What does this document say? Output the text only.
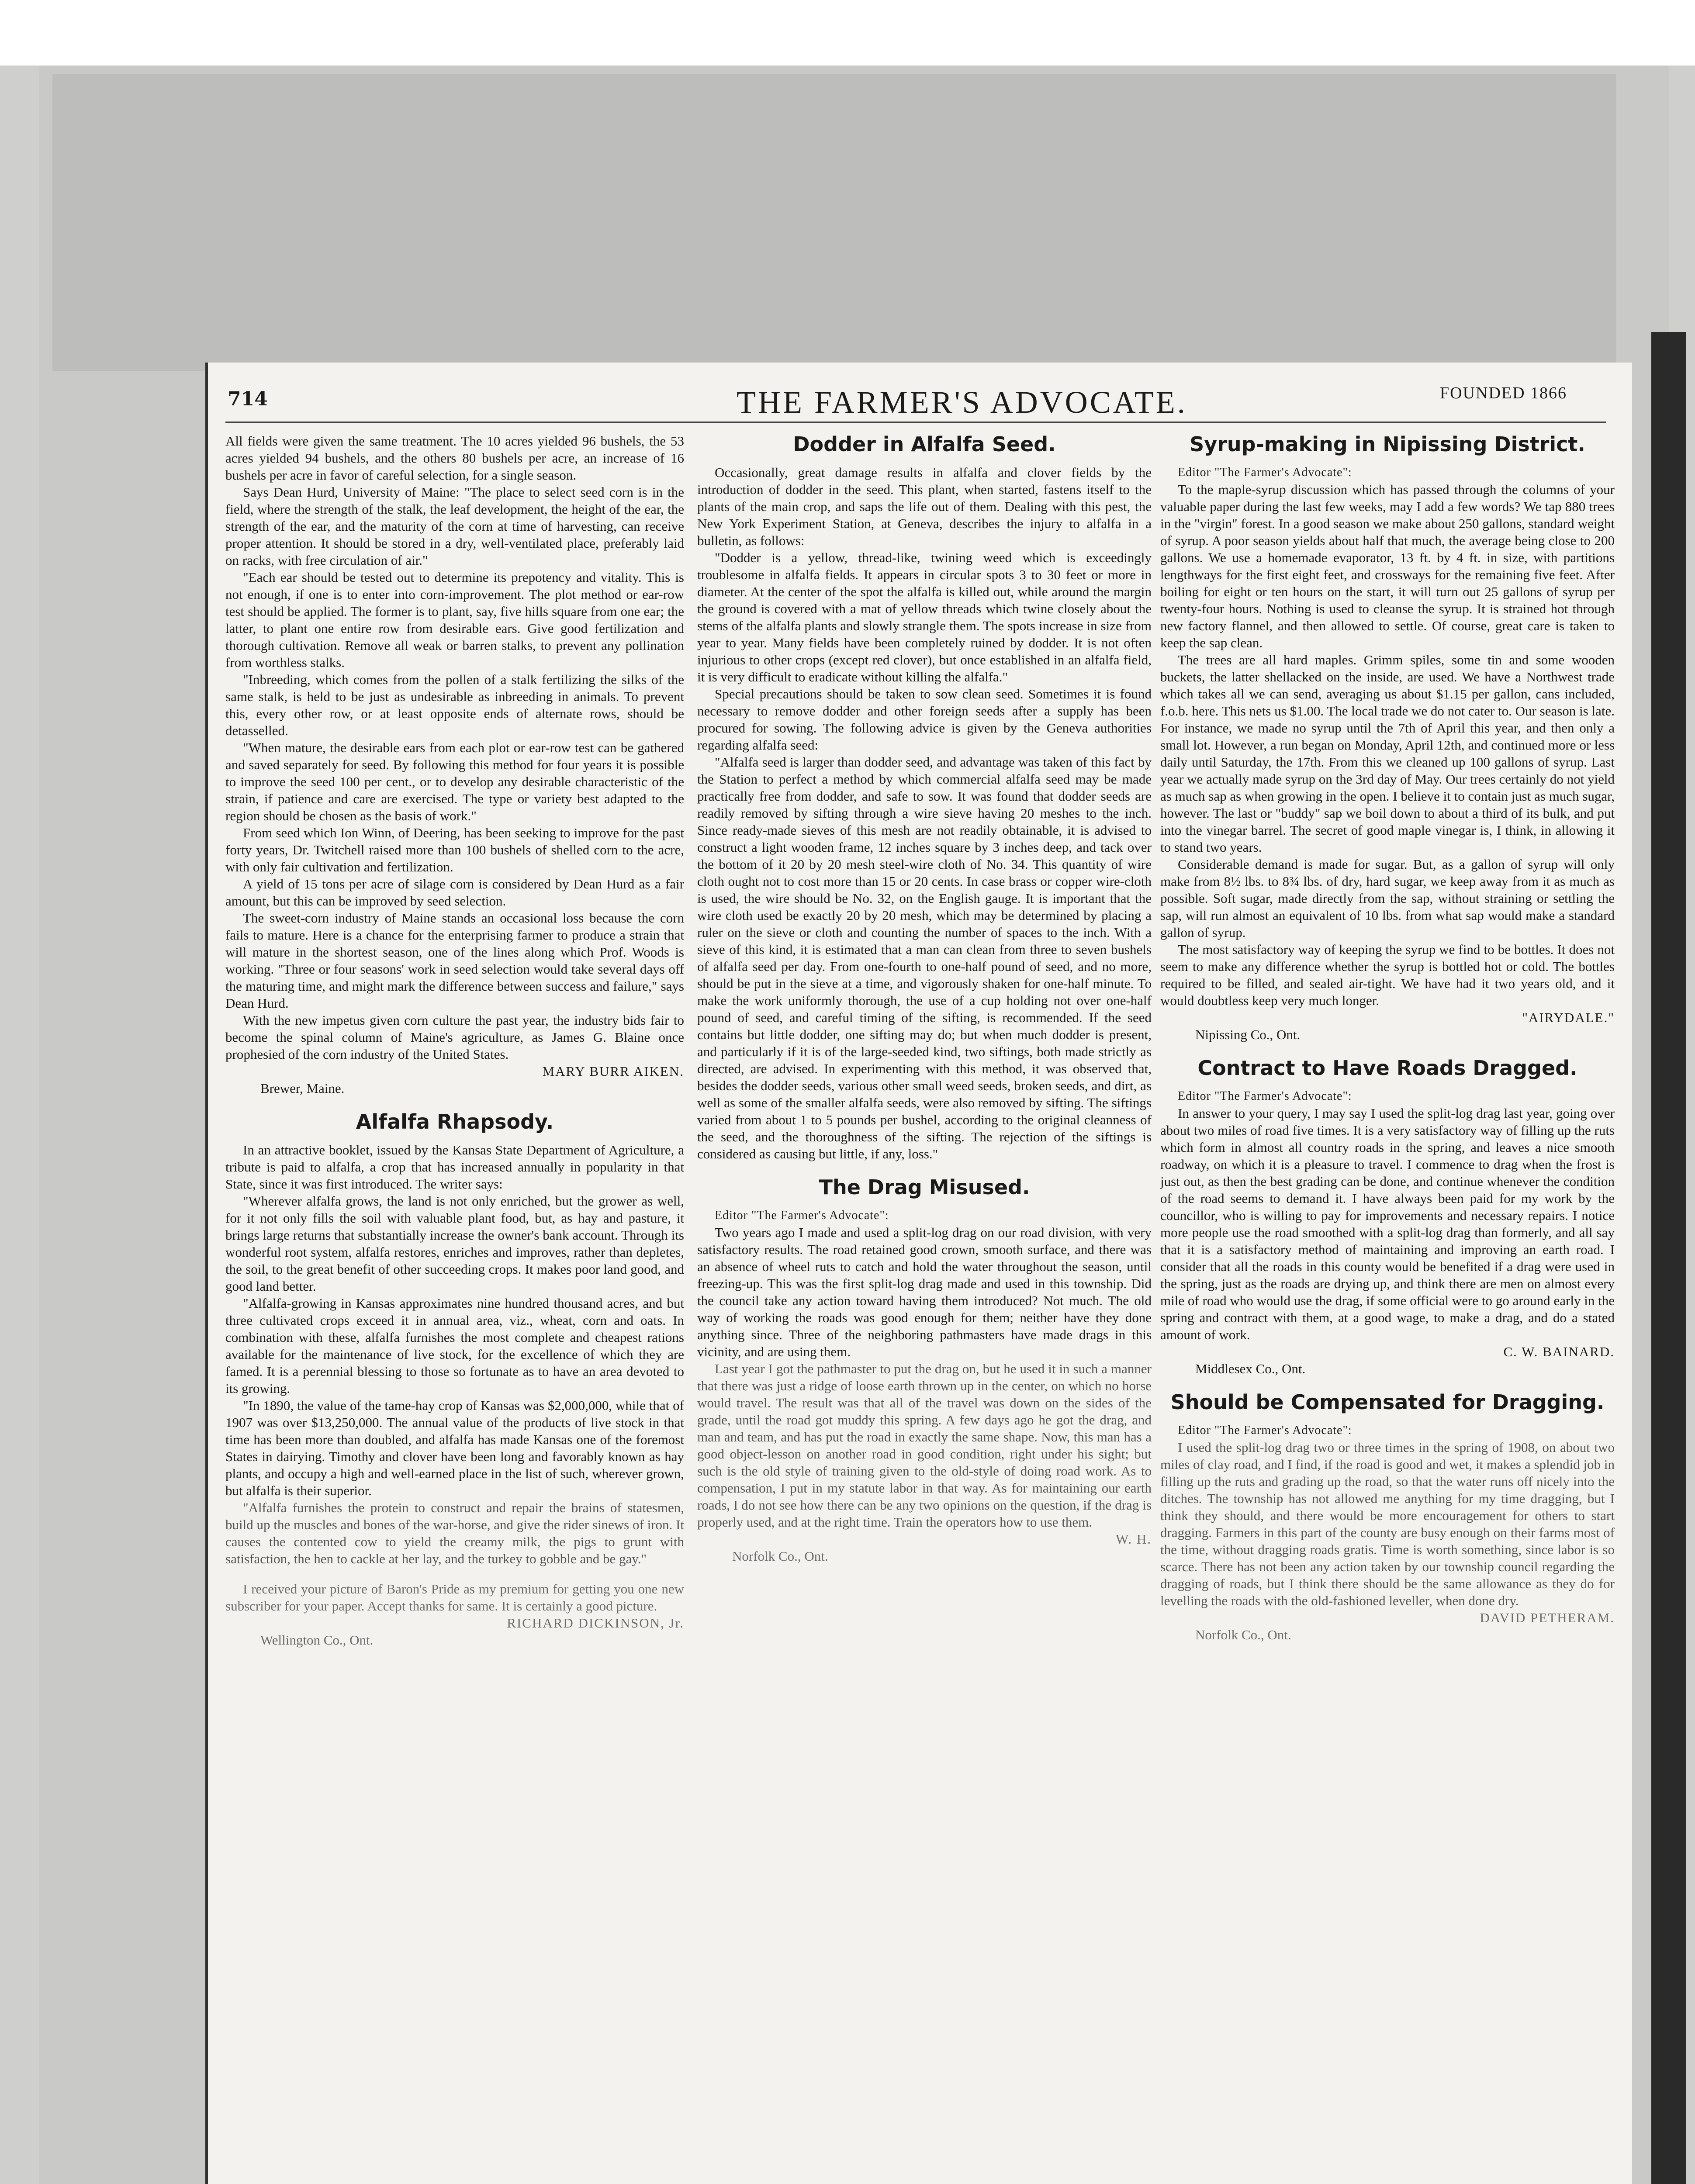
714	THE FARMER'S ADVOCATE.	FOUNDED 1866

All fields were given the same treatment. The 10 acres yielded 96 bushels, the 53 acres yielded 94 bushels, and the others 80 bushels per acre, an increase of 16 bushels per acre in favor of careful selection, for a single season.

Says Dean Hurd, University of Maine: "The place to select seed corn is in the field, where the strength of the stalk, the leaf development, the height of the ear, the strength of the ear, and the maturity of the corn at time of harvesting, can receive proper attention. It should be stored in a dry, well-ventilated place, preferably laid on racks, with free circulation of air."

"Each ear should be tested out to determine its prepotency and vitality. This is not enough, if one is to enter into corn-improvement. The plot method or ear-row test should be applied. The former is to plant, say, five hills square from one ear; the latter, to plant one entire row from desirable ears. Give good fertilization and thorough cultivation. Remove all weak or barren stalks, to prevent any pollination from worthless stalks.

"Inbreeding, which comes from the pollen of a stalk fertilizing the silks of the same stalk, is held to be just as undesirable as inbreeding in animals. To prevent this, every other row, or at least opposite ends of alternate rows, should be detasselled.

"When mature, the desirable ears from each plot or ear-row test can be gathered and saved separately for seed. By following this method for four years it is possible to improve the seed 100 per cent., or to develop any desirable characteristic of the strain, if patience and care are exercised. The type or variety best adapted to the region should be chosen as the basis of work."

From seed which Ion Winn, of Deering, has been seeking to improve for the past forty years, Dr. Twitchell raised more than 100 bushels of shelled corn to the acre, with only fair cultivation and fertilization.

A yield of 15 tons per acre of silage corn is considered by Dean Hurd as a fair amount, but this can be improved by seed selection.

The sweet-corn industry of Maine stands an occasional loss because the corn fails to mature. Here is a chance for the enterprising farmer to produce a strain that will mature in the shortest season, one of the lines along which Prof. Woods is working. "Three or four seasons' work in seed selection would take several days off the maturing time, and might mark the difference between success and failure," says Dean Hurd.

With the new impetus given corn culture the past year, the industry bids fair to become the spinal column of Maine's agriculture, as James G. Blaine once prophesied of the corn industry of the United States.

MARY BURR AIKEN.

Brewer, Maine.

Alfalfa Rhapsody.

In an attractive booklet, issued by the Kansas State Department of Agriculture, a tribute is paid to alfalfa, a crop that has increased annually in popularity in that State, since it was first introduced. The writer says:

"Wherever alfalfa grows, the land is not only enriched, but the grower as well, for it not only fills the soil with valuable plant food, but, as hay and pasture, it brings large returns that substantially increase the owner's bank account. Through its wonderful root system, alfalfa restores, enriches and improves, rather than depletes, the soil, to the great benefit of other succeeding crops. It makes poor land good, and good land better.

"Alfalfa-growing in Kansas approximates nine hundred thousand acres, and but three cultivated crops exceed it in annual area, viz., wheat, corn and oats. In combination with these, alfalfa furnishes the most complete and cheapest rations available for the maintenance of live stock, for the excellence of which they are famed. It is a perennial blessing to those so fortunate as to have an area devoted to its growing.

"In 1890, the value of the tame-hay crop of Kansas was $2,000,000, while that of 1907 was over $13,250,000. The annual value of the products of live stock in that time has been more than doubled, and alfalfa has made Kansas one of the foremost States in dairying. Timothy and clover have been long and favorably known as hay plants, and occupy a high and well-earned place in the list of such, wherever grown, but alfalfa is their superior.

"Alfalfa furnishes the protein to construct and repair the brains of statesmen, build up the muscles and bones of the war-horse, and give the rider sinews of iron. It causes the contented cow to yield the creamy milk, the pigs to grunt with satisfaction, the hen to cackle at her lay, and the turkey to gobble and be gay."

I received your picture of Baron's Pride as my premium for getting you one new subscriber for your paper. Accept thanks for same. It is certainly a good picture.

RICHARD DICKINSON, Jr.

Wellington Co., Ont.

Dodder in Alfalfa Seed.

Occasionally, great damage results in alfalfa and clover fields by the introduction of dodder in the seed. This plant, when started, fastens itself to the plants of the main crop, and saps the life out of them. Dealing with this pest, the New York Experiment Station, at Geneva, describes the injury to alfalfa in a bulletin, as follows:

"Dodder is a yellow, thread-like, twining weed which is exceedingly troublesome in alfalfa fields. It appears in circular spots 3 to 30 feet or more in diameter. At the center of the spot the alfalfa is killed out, while around the margin the ground is covered with a mat of yellow threads which twine closely about the stems of the alfalfa plants and slowly strangle them. The spots increase in size from year to year. Many fields have been completely ruined by dodder. It is not often injurious to other crops (except red clover), but once established in an alfalfa field, it is very difficult to eradicate without killing the alfalfa."

Special precautions should be taken to sow clean seed. Sometimes it is found necessary to remove dodder and other foreign seeds after a supply has been procured for sowing. The following advice is given by the Geneva authorities regarding alfalfa seed:

"Alfalfa seed is larger than dodder seed, and advantage was taken of this fact by the Station to perfect a method by which commercial alfalfa seed may be made practically free from dodder, and safe to sow. It was found that dodder seeds are readily removed by sifting through a wire sieve having 20 meshes to the inch. Since ready-made sieves of this mesh are not readily obtainable, it is advised to construct a light wooden frame, 12 inches square by 3 inches deep, and tack over the bottom of it 20 by 20 mesh steel-wire cloth of No. 34. This quantity of wire cloth ought not to cost more than 15 or 20 cents. In case brass or copper wire-cloth is used, the wire should be No. 32, on the English gauge. It is important that the wire cloth used be exactly 20 by 20 mesh, which may be determined by placing a ruler on the sieve or cloth and counting the number of spaces to the inch. With a sieve of this kind, it is estimated that a man can clean from three to seven bushels of alfalfa seed per day. From one-fourth to one-half pound of seed, and no more, should be put in the sieve at a time, and vigorously shaken for one-half minute. To make the work uniformly thorough, the use of a cup holding not over one-half pound of seed, and careful timing of the sifting, is recommended. If the seed contains but little dodder, one sifting may do; but when much dodder is present, and particularly if it is of the large-seeded kind, two siftings, both made strictly as directed, are advised. In experimenting with this method, it was observed that, besides the dodder seeds, various other small weed seeds, broken seeds, and dirt, as well as some of the smaller alfalfa seeds, were also removed by sifting. The siftings varied from about 1 to 5 pounds per bushel, according to the original cleanness of the seed, and the thoroughness of the sifting. The rejection of the siftings is considered as causing but little, if any, loss."

The Drag Misused.

Editor "The Farmer's Advocate":

Two years ago I made and used a split-log drag on our road division, with very satisfactory results. The road retained good crown, smooth surface, and there was an absence of wheel ruts to catch and hold the water throughout the season, until freezing-up. This was the first split-log drag made and used in this township. Did the council take any action toward having them introduced? Not much. The old way of working the roads was good enough for them; neither have they done anything since. Three of the neighboring pathmasters have made drags in this vicinity, and are using them.

Last year I got the pathmaster to put the drag on, but he used it in such a manner that there was just a ridge of loose earth thrown up in the center, on which no horse would travel. The result was that all of the travel was down on the sides of the grade, until the road got muddy this spring. A few days ago he got the drag, and man and team, and has put the road in exactly the same shape. Now, this man has a good object-lesson on another road in good condition, right under his sight; but such is the old style of training given to the old-style of doing road work. As to compensation, I put in my statute labor in that way. As for maintaining our earth roads, I do not see how there can be any two opinions on the question, if the drag is properly used, and at the right time. Train the operators how to use them.

W. H.

Norfolk Co., Ont.

Syrup-making in Nipissing District.

Editor "The Farmer's Advocate":

To the maple-syrup discussion which has passed through the columns of your valuable paper during the last few weeks, may I add a few words? We tap 880 trees in the "virgin" forest. In a good season we make about 250 gallons, standard weight of syrup. A poor season yields about half that much, the average being close to 200 gallons. We use a homemade evaporator, 13 ft. by 4 ft. in size, with partitions lengthways for the first eight feet, and crossways for the remaining five feet. After boiling for eight or ten hours on the start, it will turn out 25 gallons of syrup per twenty-four hours. Nothing is used to cleanse the syrup. It is strained hot through new factory flannel, and then allowed to settle. Of course, great care is taken to keep the sap clean.

The trees are all hard maples. Grimm spiles, some tin and some wooden buckets, the latter shellacked on the inside, are used. We have a Northwest trade which takes all we can send, averaging us about $1.15 per gallon, cans included, f.o.b. here. This nets us $1.00. The local trade we do not cater to. Our season is late. For instance, we made no syrup until the 7th of April this year, and then only a small lot. However, a run began on Monday, April 12th, and continued more or less daily until Saturday, the 17th. From this we cleaned up 100 gallons of syrup. Last year we actually made syrup on the 3rd day of May. Our trees certainly do not yield as much sap as when growing in the open. I believe it to contain just as much sugar, however. The last or "buddy" sap we boil down to about a third of its bulk, and put into the vinegar barrel. The secret of good maple vinegar is, I think, in allowing it to stand two years.

Considerable demand is made for sugar. But, as a gallon of syrup will only make from 8½ lbs. to 8¾ lbs. of dry, hard sugar, we keep away from it as much as possible. Soft sugar, made directly from the sap, without straining or settling the sap, will run almost an equivalent of 10 lbs. from what sap would make a standard gallon of syrup.

The most satisfactory way of keeping the syrup we find to be bottles. It does not seem to make any difference whether the syrup is bottled hot or cold. The bottles required to be filled, and sealed air-tight. We have had it two years old, and it would doubtless keep very much longer.

"AIRYDALE."

Nipissing Co., Ont.

Contract to Have Roads Dragged.

Editor "The Farmer's Advocate":

In answer to your query, I may say I used the split-log drag last year, going over about two miles of road five times. It is a very satisfactory way of filling up the ruts which form in almost all country roads in the spring, and leaves a nice smooth roadway, on which it is a pleasure to travel. I commence to drag when the frost is just out, as then the best grading can be done, and continue whenever the condition of the road seems to demand it. I have always been paid for my work by the councillor, who is willing to pay for improvements and necessary repairs. I notice more people use the road smoothed with a split-log drag than formerly, and all say that it is a satisfactory method of maintaining and improving an earth road. I consider that all the roads in this county would be benefited if a drag were used in the spring, just as the roads are drying up, and think there are men on almost every mile of road who would use the drag, if some official were to go around early in the spring and contract with them, at a good wage, to make a drag, and do a stated amount of work.

C. W. BAINARD.

Middlesex Co., Ont.

Should be Compensated for Dragging.

Editor "The Farmer's Advocate":

I used the split-log drag two or three times in the spring of 1908, on about two miles of clay road, and I find, if the road is good and wet, it makes a splendid job in filling up the ruts and grading up the road, so that the water runs off nicely into the ditches. The township has not allowed me anything for my time dragging, but I think they should, and there would be more encouragement for others to start dragging. Farmers in this part of the county are busy enough on their farms most of the time, without dragging roads gratis. Time is worth something, since labor is so scarce. There has not been any action taken by our township council regarding the dragging of roads, but I think there should be the same allowance as they do for levelling the roads with the old-fashioned leveller, when done dry.

DAVID PETHERAM.

Norfolk Co., Ont.
